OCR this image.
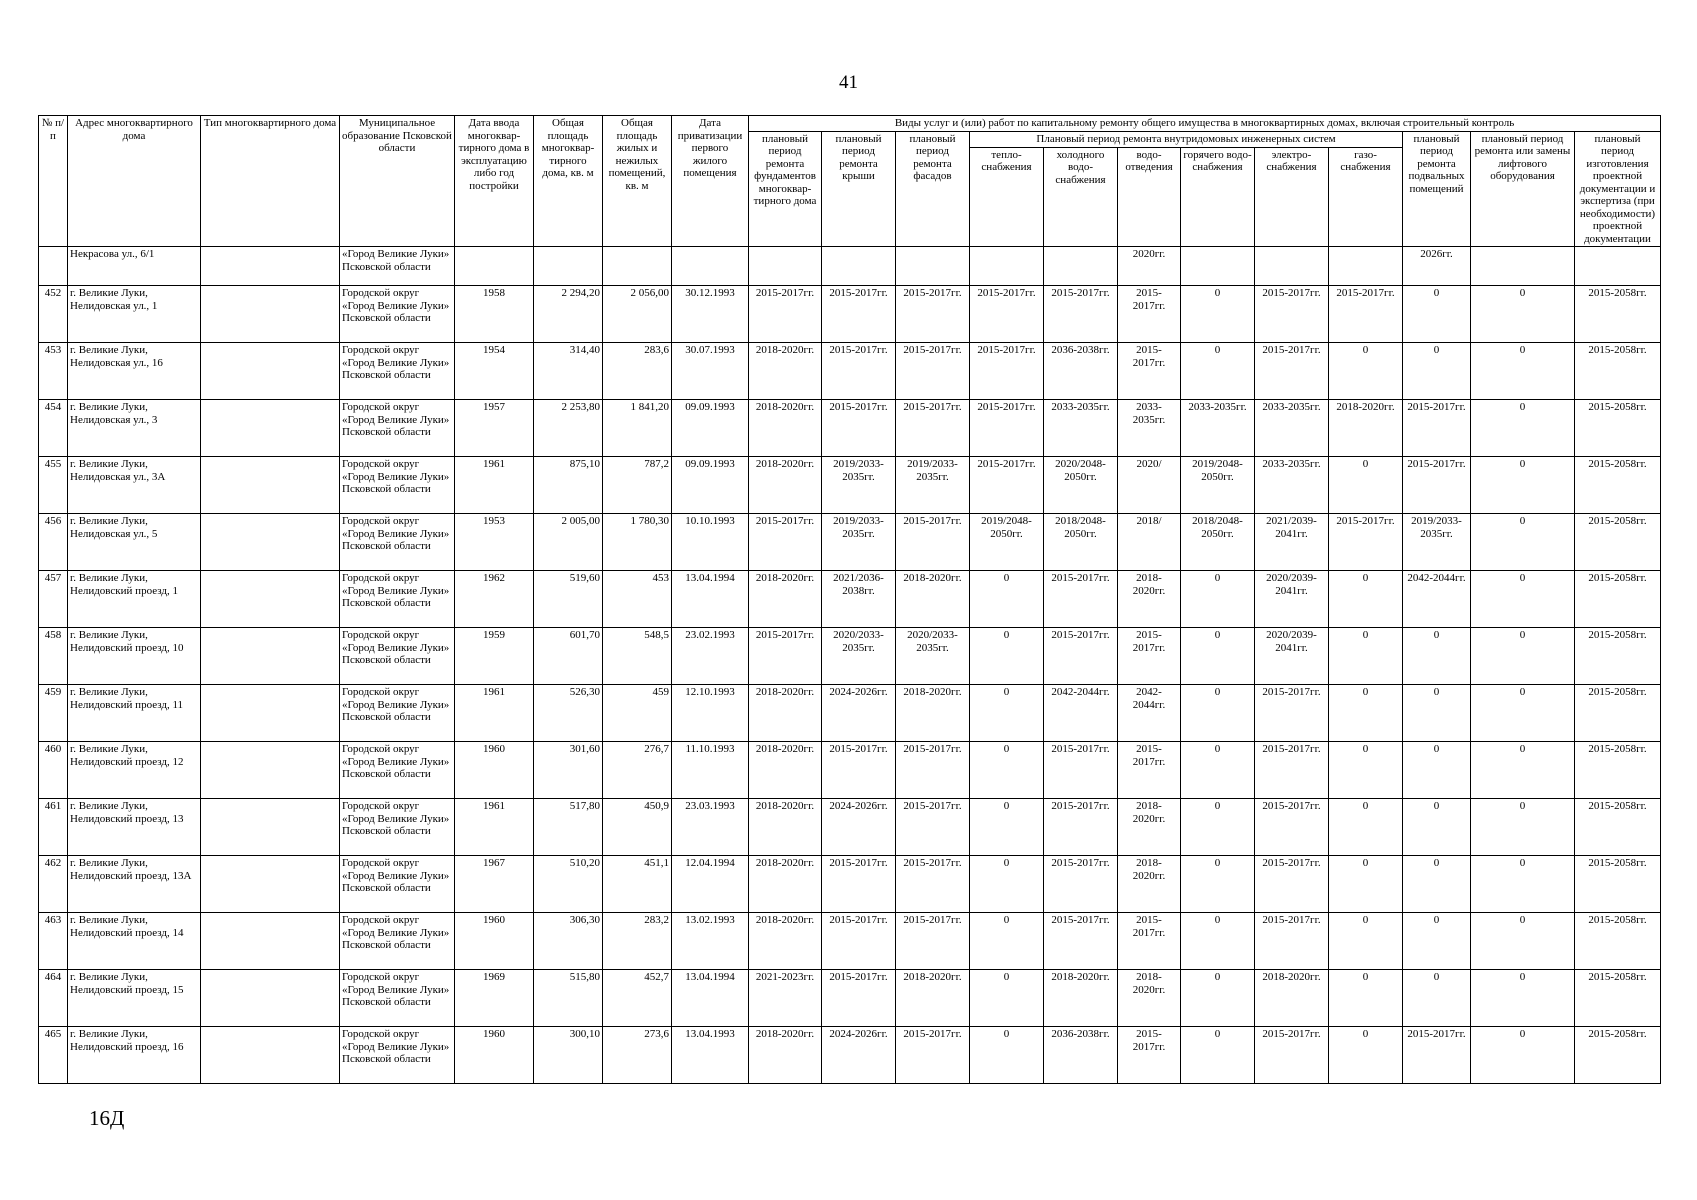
41
№ п/п	Адрес многоквартирного дома	Тип многоквартирного дома	Муниципальное образование Псковской области	Дата ввода многоквар-тирного дома в эксплуатацию либо год постройки	Общая площадь многоквар-тирного дома, кв. м	Общая площадь жилых и нежилых помещений, кв. м	Дата приватизации первого жилого помещения	Виды услуг и (или) работ по капитальному ремонту общего имущества в многоквартирных домах, включая строительный контроль											
								плановый период ремонта фундаментов многоквар-тирного дома	плановый период ремонта крыши	плановый период ремонта фасадов	Плановый период ремонта внутридомовых инженерных систем						плановый период ремонта подвальных помещений	плановый период ремонта или замены лифтового оборудования	плановый период изготовления проектной документации и экспертиза (при необходимости) проектной документации
											тепло-снабжения	холодного водо-снабжения	водо-отведения	горячего водо-снабжения	электро-снабжения	газо-снабжения			
	Некрасова ул., 6/1		«Город Великие Луки» Псковской области										2020гг.				2026гг.		
452	г. Великие Луки, Нелидовская ул., 1		Городской округ «Город Великие Луки» Псковской области	1958	2 294,20	2 056,00	30.12.1993	2015-2017гг.	2015-2017гг.	2015-2017гг.	2015-2017гг.	2015-2017гг.	2015-2017гг.	0	2015-2017гг.	2015-2017гг.	0	0	2015-2058гг.
453	г. Великие Луки, Нелидовская ул., 16		Городской округ «Город Великие Луки» Псковской области	1954	314,40	283,6	30.07.1993	2018-2020гг.	2015-2017гг.	2015-2017гг.	2015-2017гг.	2036-2038гг.	2015-2017гг.	0	2015-2017гг.	0	0	0	2015-2058гг.
454	г. Великие Луки, Нелидовская ул., 3		Городской округ «Город Великие Луки» Псковской области	1957	2 253,80	1 841,20	09.09.1993	2018-2020гг.	2015-2017гг.	2015-2017гг.	2015-2017гг.	2033-2035гг.	2033-2035гг.	2033-2035гг.	2033-2035гг.	2018-2020гг.	2015-2017гг.	0	2015-2058гг.
455	г. Великие Луки, Нелидовская ул., 3А		Городской округ «Город Великие Луки» Псковской области	1961	875,10	787,2	09.09.1993	2018-2020гг.	2019/2033-2035гг.	2019/2033-2035гг.	2015-2017гг.	2020/2048-2050гг.	2020/	2019/2048-2050гг.	2033-2035гг.	0	2015-2017гг.	0	2015-2058гг.
456	г. Великие Луки, Нелидовская ул., 5		Городской округ «Город Великие Луки» Псковской области	1953	2 005,00	1 780,30	10.10.1993	2015-2017гг.	2019/2033-2035гг.	2015-2017гг.	2019/2048-2050гг.	2018/2048-2050гг.	2018/	2018/2048-2050гг.	2021/2039-2041гг.	2015-2017гг.	2019/2033-2035гг.	0	2015-2058гг.
457	г. Великие Луки, Нелидовский проезд, 1		Городской округ «Город Великие Луки» Псковской области	1962	519,60	453	13.04.1994	2018-2020гг.	2021/2036-2038гг.	2018-2020гг.	0	2015-2017гг.	2018-2020гг.	0	2020/2039-2041гг.	0	2042-2044гг.	0	2015-2058гг.
458	г. Великие Луки, Нелидовский проезд, 10		Городской округ «Город Великие Луки» Псковской области	1959	601,70	548,5	23.02.1993	2015-2017гг.	2020/2033-2035гг.	2020/2033-2035гг.	0	2015-2017гг.	2015-2017гг.	0	2020/2039-2041гг.	0	0	0	2015-2058гг.
459	г. Великие Луки, Нелидовский проезд, 11		Городской округ «Город Великие Луки» Псковской области	1961	526,30	459	12.10.1993	2018-2020гг.	2024-2026гг.	2018-2020гг.	0	2042-2044гг.	2042-2044гг.	0	2015-2017гг.	0	0	0	2015-2058гг.
460	г. Великие Луки, Нелидовский проезд, 12		Городской округ «Город Великие Луки» Псковской области	1960	301,60	276,7	11.10.1993	2018-2020гг.	2015-2017гг.	2015-2017гг.	0	2015-2017гг.	2015-2017гг.	0	2015-2017гг.	0	0	0	2015-2058гг.
461	г. Великие Луки, Нелидовский проезд, 13		Городской округ «Город Великие Луки» Псковской области	1961	517,80	450,9	23.03.1993	2018-2020гг.	2024-2026гг.	2015-2017гг.	0	2015-2017гг.	2018-2020гг.	0	2015-2017гг.	0	0	0	2015-2058гг.
462	г. Великие Луки, Нелидовский проезд, 13А		Городской округ «Город Великие Луки» Псковской области	1967	510,20	451,1	12.04.1994	2018-2020гг.	2015-2017гг.	2015-2017гг.	0	2015-2017гг.	2018-2020гг.	0	2015-2017гг.	0	0	0	2015-2058гг.
463	г. Великие Луки, Нелидовский проезд, 14		Городской округ «Город Великие Луки» Псковской области	1960	306,30	283,2	13.02.1993	2018-2020гг.	2015-2017гг.	2015-2017гг.	0	2015-2017гг.	2015-2017гг.	0	2015-2017гг.	0	0	0	2015-2058гг.
464	г. Великие Луки, Нелидовский проезд, 15		Городской округ «Город Великие Луки» Псковской области	1969	515,80	452,7	13.04.1994	2021-2023гг.	2015-2017гг.	2018-2020гг.	0	2018-2020гг.	2018-2020гг.	0	2018-2020гг.	0	0	0	2015-2058гг.
465	г. Великие Луки, Нелидовский проезд, 16		Городской округ «Город Великие Луки» Псковской области	1960	300,10	273,6	13.04.1993	2018-2020гг.	2024-2026гг.	2015-2017гг.	0	2036-2038гг.	2015-2017гг.	0	2015-2017гг.	0	2015-2017гг.	0	2015-2058гг.
16Д
